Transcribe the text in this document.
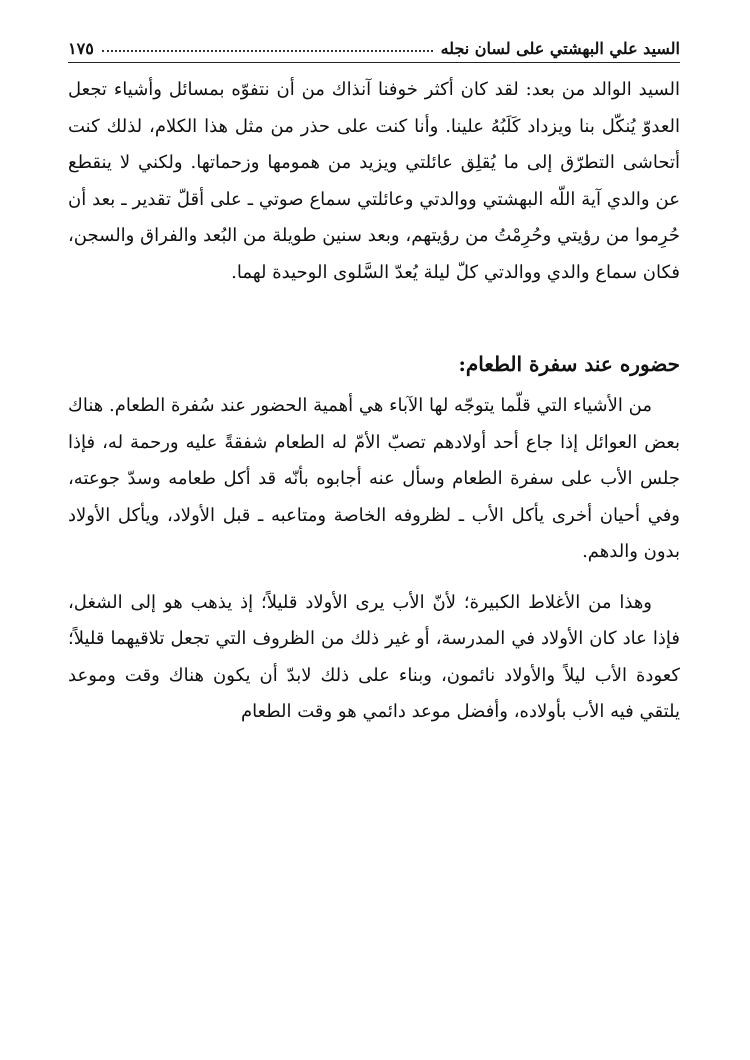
السيد علي البهشتي على لسان نجله
١٧٥

السيد الوالد من بعد: لقد كان أكثر خوفنا آنذاك من أن نتفوّه بمسائل وأشياء تجعل العدوّ يُنكّل بنا ويزداد كَلَبُهُ علينا. وأنا كنت على حذر من مثل هذا الكلام، لذلك كنت أتحاشى التطرّق إلى ما يُقلِق عائلتي ويزيد من همومها وزحماتها. ولكني لا ينقطع عن والدي آية اللّه البهشتي ووالدتي وعائلتي سماع صوتي ـ على أقلّ تقدير ـ بعد أن حُرِموا من رؤيتي وحُرِمْتُ من رؤيتهم، وبعد سنين طويلة من البُعد والفراق والسجن، فكان سماع والدي ووالدتي كلّ ليلة يُعدّ السَّلوى الوحيدة لهما.

حضوره عند سفرة الطعام:

من الأشياء التي قلّما يتوجّه لها الآباء هي أهمية الحضور عند سُفرة الطعام. هناك بعض العوائل إذا جاع أحد أولادهم تصبّ الأمّ له الطعام شفقةً عليه ورحمة له، فإذا جلس الأب على سفرة الطعام وسأل عنه أجابوه بأنّه قد أكل طعامه وسدّ جوعته، وفي أحيان أخرى يأكل الأب ـ لظروفه الخاصة ومتاعبه ـ قبل الأولاد، ويأكل الأولاد بدون والدهم.

وهذا من الأغلاط الكبيرة؛ لأنّ الأب يرى الأولاد قليلاً؛ إذ يذهب هو إلى الشغل، فإذا عاد كان الأولاد في المدرسة، أو غير ذلك من الظروف التي تجعل تلاقيهما قليلاً؛ كعودة الأب ليلاً والأولاد نائمون، وبناء على ذلك لابدّ أن يكون هناك وقت وموعد يلتقي فيه الأب بأولاده، وأفضل موعد دائمي هو وقت الطعام
